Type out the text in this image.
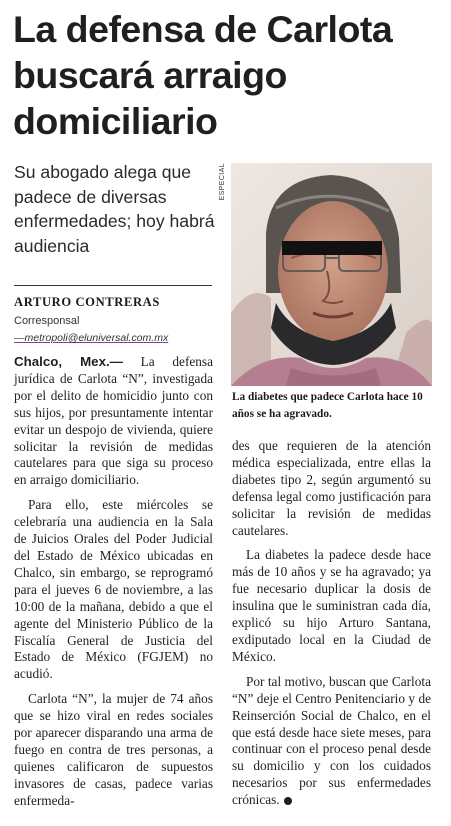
La defensa de Carlota buscará arraigo domiciliario

Su abogado alega que padece de diversas enfermedades; hoy habrá audiencia

ARTURO CONTRERAS
Corresponsal
—metropoli@eluniversal.com.mx
ESPECIAL

La diabetes que padece Carlota hace 10 años se ha agravado.

Chalco, Mex.— La defensa jurídica de Carlota “N”, investigada por el delito de homicidio junto con sus hijos, por presuntamente intentar evitar un despojo de vivienda, quiere solicitar la revisión de medidas cautelares para que siga su proceso en arraigo domiciliario.

Para ello, este miércoles se celebraría una audiencia en la Sala de Juicios Orales del Poder Judicial del Estado de México ubicadas en Chalco, sin embargo, se reprogramó para el jueves 6 de noviembre, a las 10:00 de la mañana, debido a que el agente del Ministerio Público de la Fiscalía General de Justicia del Estado de México (FGJEM) no acudió.

Carlota “N”, la mujer de 74 años que se hizo viral en redes sociales por aparecer disparando una arma de fuego en contra de tres personas, a quienes calificaron de supuestos invasores de casas, padece varias enfermeda-

des que requieren de la atención médica especializada, entre ellas la diabetes tipo 2, según argumentó su defensa legal como justificación para solicitar la revisión de medidas cautelares.

La diabetes la padece desde hace más de 10 años y se ha agravado; ya fue necesario duplicar la dosis de insulina que le suministran cada día, explicó su hijo Arturo Santana, exdiputado local en la Ciudad de México.

Por tal motivo, buscan que Carlota “N” deje el Centro Penitenciario y de Reinserción Social de Chalco, en el que está desde hace siete meses, para continuar con el proceso penal desde su domicilio y con los cuidados necesarios por sus enfermedades crónicas.
